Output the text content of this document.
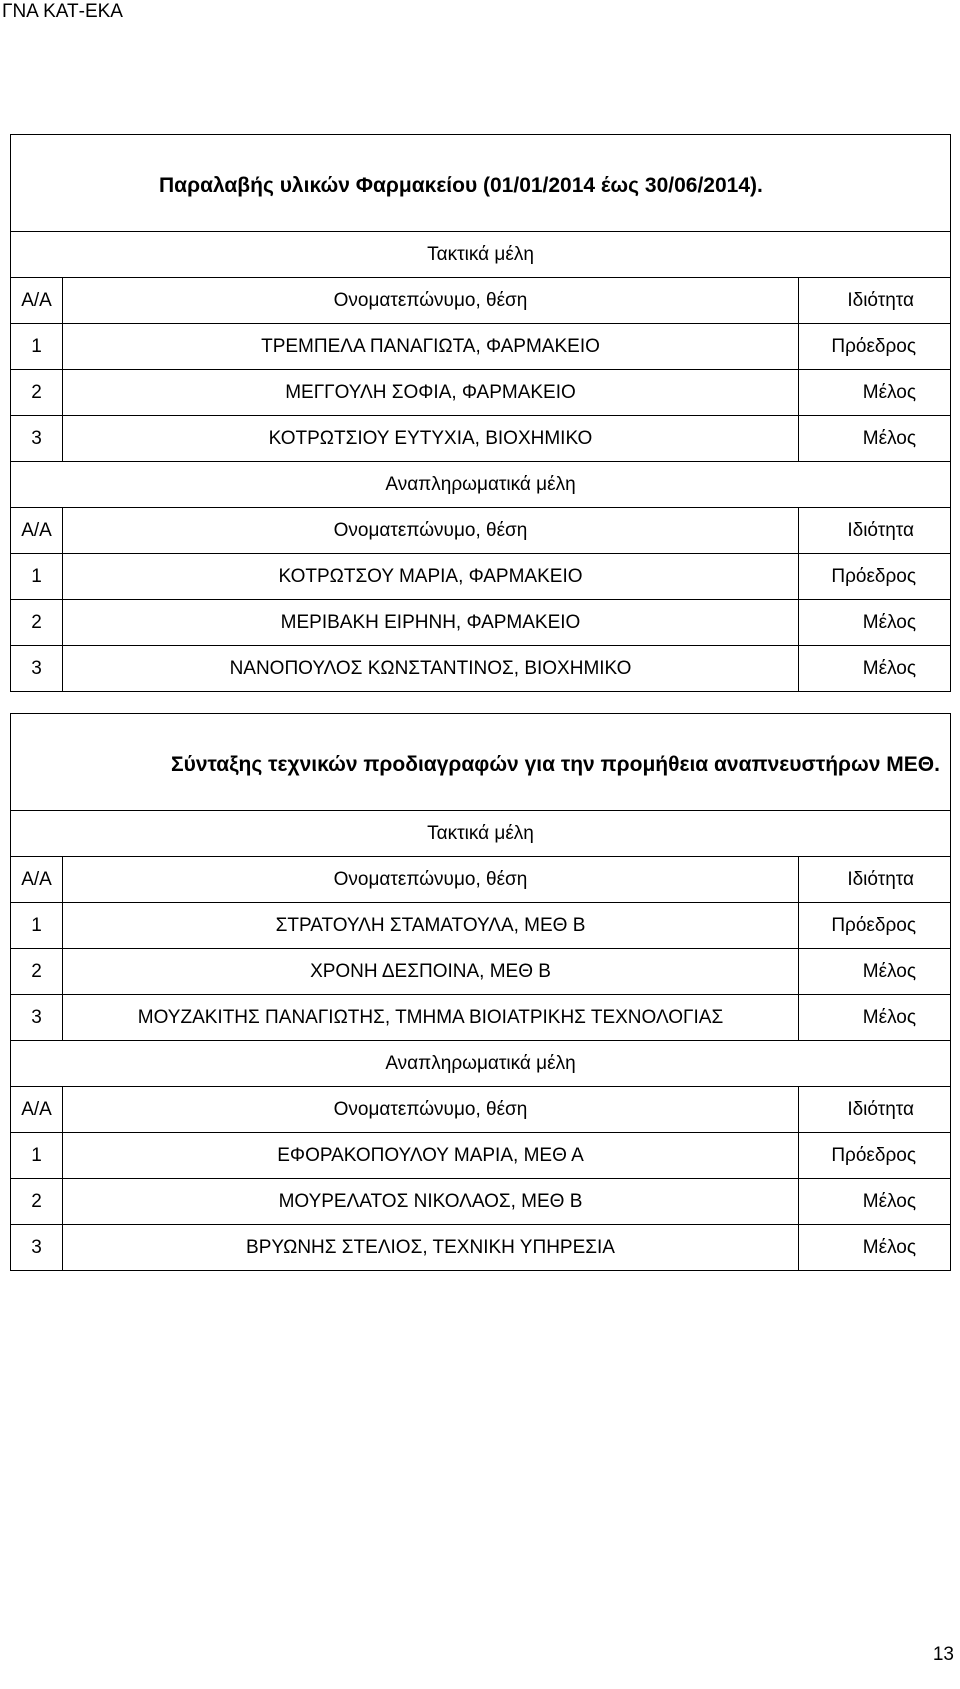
ΓΝΑ ΚΑΤ-ΕΚΑ
Παραλαβής υλικών Φαρμακείου (01/01/2014 έως 30/06/2014).		
Τακτικά μέλη		
Α/Α	Ονοματεπώνυμο, θέση	Ιδιότητα
1	ΤΡΕΜΠΕΛΑ ΠΑΝΑΓΙΩΤΑ, ΦΑΡΜΑΚΕΙΟ	Πρόεδρος
2	ΜΕΓΓΟΥΛΗ ΣΟΦΙΑ, ΦΑΡΜΑΚΕΙΟ	Μέλος
3	ΚΟΤΡΩΤΣΙΟΥ ΕΥΤΥΧΙΑ, ΒΙΟΧΗΜΙΚΟ	Μέλος
Αναπληρωματικά μέλη		
Α/Α	Ονοματεπώνυμο, θέση	Ιδιότητα
1	ΚΟΤΡΩΤΣΟΥ ΜΑΡΙΑ, ΦΑΡΜΑΚΕΙΟ	Πρόεδρος
2	ΜΕΡΙΒΑΚΗ ΕΙΡΗΝΗ, ΦΑΡΜΑΚΕΙΟ	Μέλος
3	ΝΑΝΟΠΟΥΛΟΣ ΚΩΝΣΤΑΝΤΙΝΟΣ, ΒΙΟΧΗΜΙΚΟ	Μέλος
Σύνταξης τεχνικών προδιαγραφών για την προμήθεια αναπνευστήρων ΜΕΘ.		
Τακτικά μέλη		
Α/Α	Ονοματεπώνυμο, θέση	Ιδιότητα
1	ΣΤΡΑΤΟΥΛΗ ΣΤΑΜΑΤΟΥΛΑ, ΜΕΘ Β	Πρόεδρος
2	ΧΡΟΝΗ ΔΕΣΠΟΙΝΑ, ΜΕΘ Β	Μέλος
3	ΜΟΥΖΑΚΙΤΗΣ ΠΑΝΑΓΙΩΤΗΣ, ΤΜΗΜΑ ΒΙΟΙΑΤΡΙΚΗΣ ΤΕΧΝΟΛΟΓΙΑΣ	Μέλος
Αναπληρωματικά μέλη		
Α/Α	Ονοματεπώνυμο, θέση	Ιδιότητα
1	ΕΦΟΡΑΚΟΠΟΥΛΟΥ ΜΑΡΙΑ, ΜΕΘ Α	Πρόεδρος
2	ΜΟΥΡΕΛΑΤΟΣ ΝΙΚΟΛΑΟΣ, ΜΕΘ Β	Μέλος
3	ΒΡΥΩΝΗΣ ΣΤΕΛΙΟΣ, ΤΕΧΝΙΚΗ ΥΠΗΡΕΣΙΑ	Μέλος
13
